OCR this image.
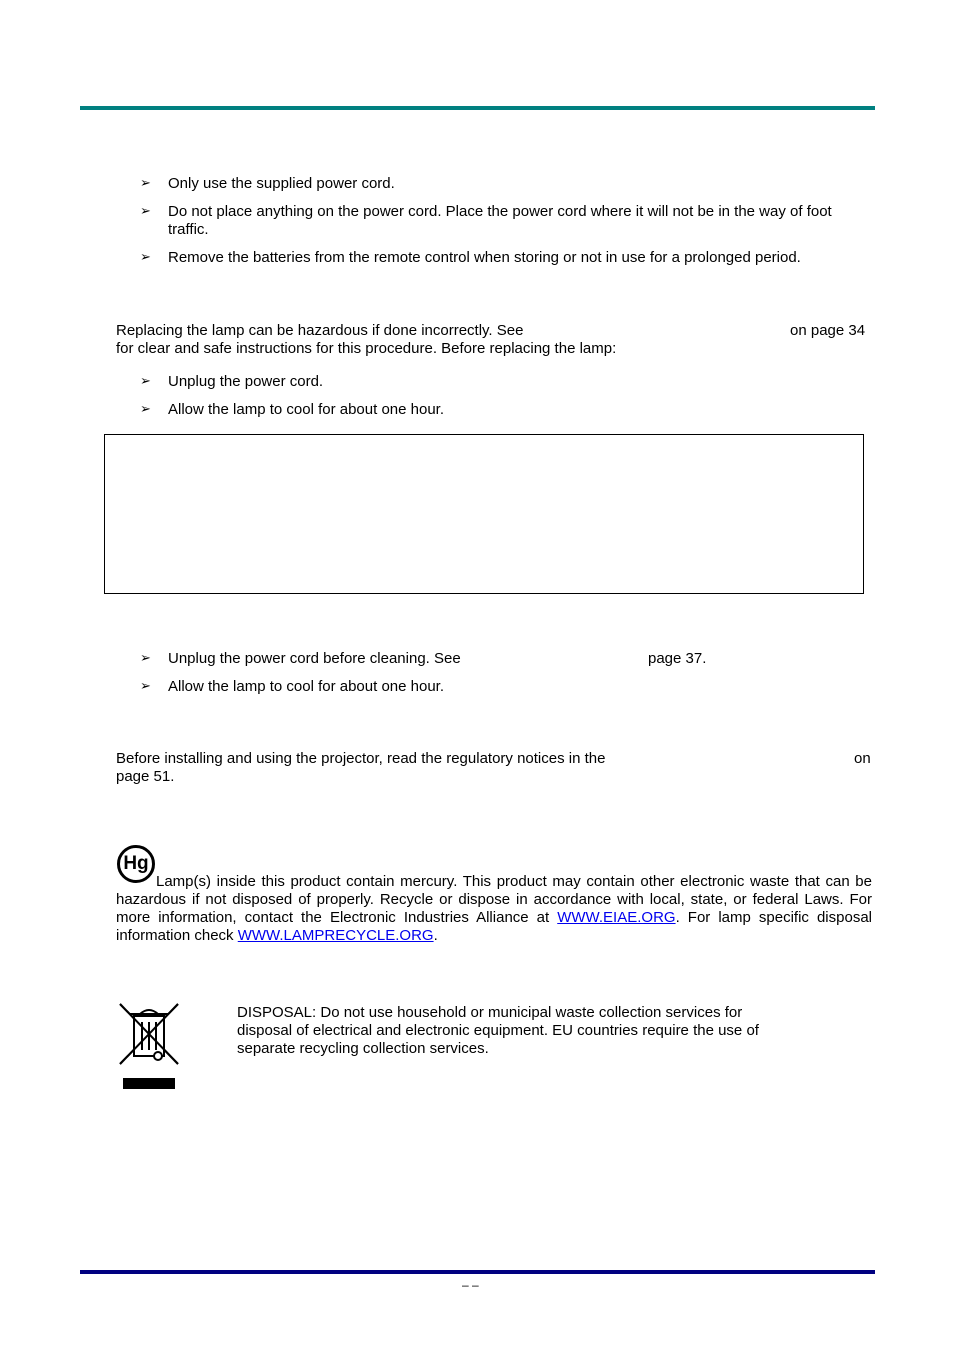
➢ Only use the supplied power cord.
➢ Do not place anything on the power cord. Place the power cord where it will not be in the way of foot traffic.
➢ Remove the batteries from the remote control when storing or not in use for a prolonged period.
Replacing the lamp can be hazardous if done incorrectly. See	on page 34
for clear and safe instructions for this procedure. Before replacing the lamp:
➢ Unplug the power cord.
➢ Allow the lamp to cool for about one hour.
➢ Unplug the power cord before cleaning. See	page 37.
➢ Allow the lamp to cool for about one hour.
Before installing and using the projector, read the regulatory notices in the	on
page 51.
Hg
Lamp(s) inside this product contain mercury. This product may contain other electronic waste that can be hazardous if not disposed of properly. Recycle or dispose in accordance with local, state, or federal Laws. For more information, contact the Electronic Industries Alliance at WWW.EIAE.ORG. For lamp specific disposal information check WWW.LAMPRECYCLE.ORG.
DISPOSAL: Do not use household or municipal waste collection services for disposal of electrical and electronic equipment. EU countries require the use of separate recycling collection services.
– –
